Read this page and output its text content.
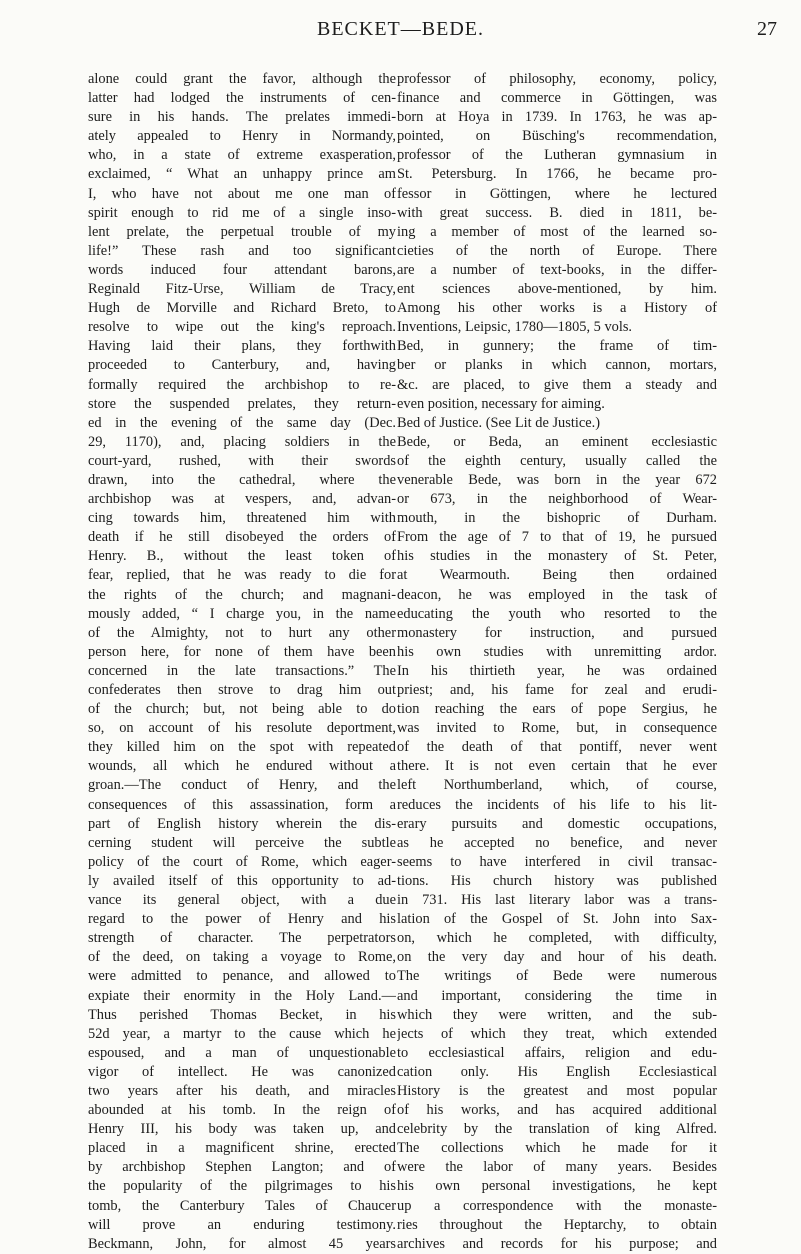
BECKET—BEDE.	27
alone could grant the favor, although the
latter had lodged the instruments of cen-
sure in his hands. The prelates immedi-
ately appealed to Henry in Normandy,
who, in a state of extreme exasperation,
exclaimed, “ What an unhappy prince am
I, who have not about me one man of
spirit enough to rid me of a single inso-
lent prelate, the perpetual trouble of my
life!” These rash and too significant
words induced four attendant barons,
Reginald Fitz-Urse, William de Tracy,
Hugh de Morville and Richard Breto, to
resolve to wipe out the king's reproach.
Having laid their plans, they forthwith
proceeded to Canterbury, and, having
formally required the archbishop to re-
store the suspended prelates, they return-
ed in the evening of the same day (Dec.
29, 1170), and, placing soldiers in the
court-yard, rushed, with their swords
drawn, into the cathedral, where the
archbishop was at vespers, and, advan-
cing towards him, threatened him with
death if he still disobeyed the orders of
Henry. B., without the least token of
fear, replied, that he was ready to die for
the rights of the church; and magnani-
mously added, “ I charge you, in the name
of the Almighty, not to hurt any other
person here, for none of them have been
concerned in the late transactions.” The
confederates then strove to drag him out
of the church; but, not being able to do
so, on account of his resolute deportment,
they killed him on the spot with repeated
wounds, all which he endured without a
groan.—The conduct of Henry, and the
consequences of this assassination, form a
part of English history wherein the dis-
cerning student will perceive the subtle
policy of the court of Rome, which eager-
ly availed itself of this opportunity to ad-
vance its general object, with a due
regard to the power of Henry and his
strength of character. The perpetrators
of the deed, on taking a voyage to Rome,
were admitted to penance, and allowed to
expiate their enormity in the Holy Land.—
Thus perished Thomas Becket, in his
52d year, a martyr to the cause which he
espoused, and a man of unquestionable
vigor of intellect. He was canonized
two years after his death, and miracles
abounded at his tomb. In the reign of
Henry III, his body was taken up, and
placed in a magnificent shrine, erected
by archbishop Stephen Langton; and of
the popularity of the pilgrimages to his
tomb, the Canterbury Tales of Chaucer
will prove an enduring testimony.
Beckmann, John, for almost 45 years
professor of philosophy, economy, policy,
finance and commerce in Göttingen, was
born at Hoya in 1739. In 1763, he was ap-
pointed, on Büsching's recommendation,
professor of the Lutheran gymnasium in
St. Petersburg. In 1766, he became pro-
fessor in Göttingen, where he lectured
with great success. B. died in 1811, be-
ing a member of most of the learned so-
cieties of the north of Europe. There
are a number of text-books, in the differ-
ent sciences above-mentioned, by him.
Among his other works is a History of
Inventions, Leipsic, 1780—1805, 5 vols.
Bed, in gunnery; the frame of tim-
ber or planks in which cannon, mortars,
&c. are placed, to give them a steady and
even position, necessary for aiming.
Bed of Justice. (See Lit de Justice.)
Bede, or Beda, an eminent ecclesiastic
of the eighth century, usually called the
venerable Bede, was born in the year 672
or 673, in the neighborhood of Wear-
mouth, in the bishopric of Durham.
From the age of 7 to that of 19, he pursued
his studies in the monastery of St. Peter,
at Wearmouth. Being then ordained
deacon, he was employed in the task of
educating the youth who resorted to the
monastery for instruction, and pursued
his own studies with unremitting ardor.
In his thirtieth year, he was ordained
priest; and, his fame for zeal and erudi-
tion reaching the ears of pope Sergius, he
was invited to Rome, but, in consequence
of the death of that pontiff, never went
there. It is not even certain that he ever
left Northumberland, which, of course,
reduces the incidents of his life to his lit-
erary pursuits and domestic occupations,
as he accepted no benefice, and never
seems to have interfered in civil transac-
tions. His church history was published
in 731. His last literary labor was a trans-
lation of the Gospel of St. John into Sax-
on, which he completed, with difficulty,
on the very day and hour of his death.
The writings of Bede were numerous
and important, considering the time in
which they were written, and the sub-
jects of which they treat, which extended
to ecclesiastical affairs, religion and edu-
cation only. His English Ecclesiastical
History is the greatest and most popular
of his works, and has acquired additional
celebrity by the translation of king Alfred.
The collections which he made for it
were the labor of many years. Besides
his own personal investigations, he kept
up a correspondence with the monaste-
ries throughout the Heptarchy, to obtain
archives and records for his purpose; and
